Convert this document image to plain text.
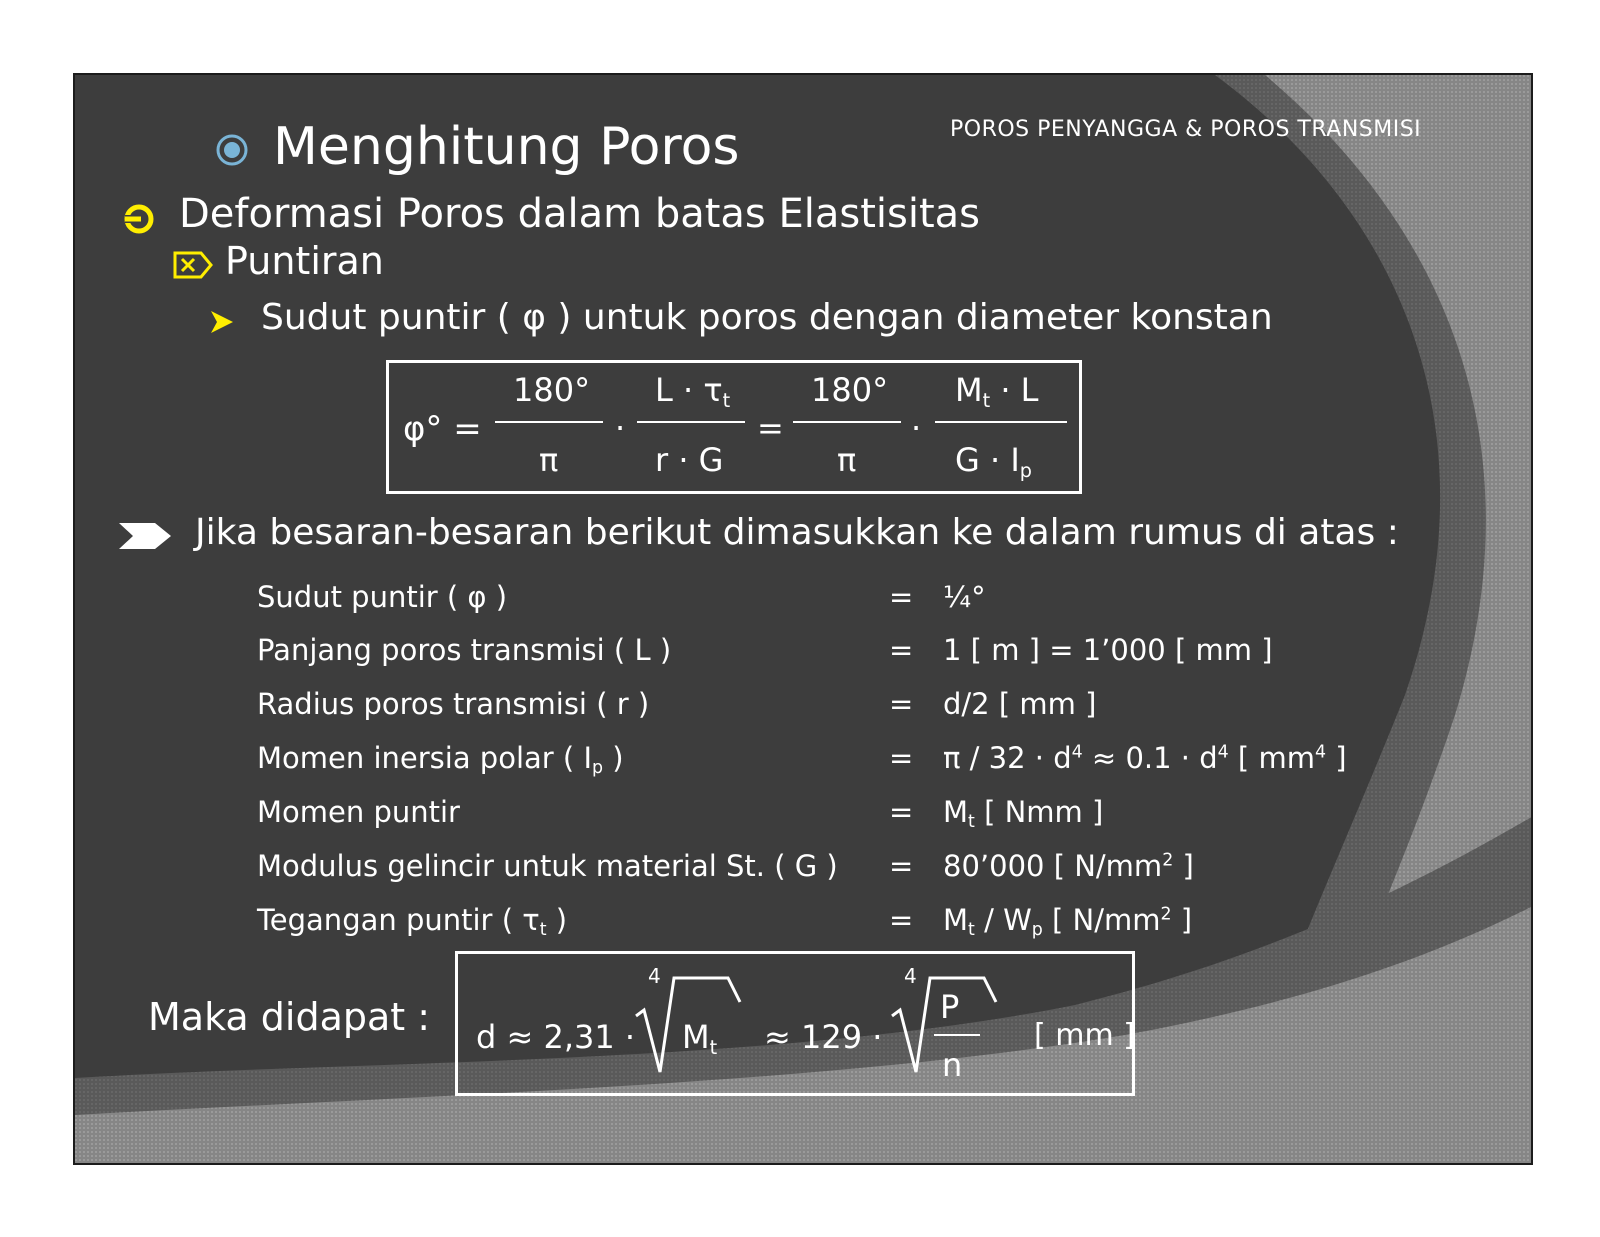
POROS PENYANGGA & POROS TRANSMISI
Menghitung Poros
Deformasi Poros dalam batas Elastisitas
Puntiran
Sudut puntir ( φ ) untuk poros dengan diameter konstan
φ° =
180°
π
·
$L \cdot \tau_t$
r · G
=
180°
π
·
$M_t \cdot L$
$G \cdot I_p$
Jika besaran-besaran berikut dimasukkan ke dalam rumus di atas :
Sudut puntir ( φ )	= ¼°
Panjang poros transmisi ( L )	= 1 [ m ] = 1’000 [ mm ]
Radius poros transmisi ( r )	= d/2 [ mm ]
Momen inersia polar ( $I_p$ )	= $\pi / 32 \cdot d^4 \approx 0.1 \cdot d^4$ [ $mm^4$ ]
Momen puntir	= $M_t$ [ Nmm ]
Modulus gelincir untuk material St. ( G ) = 80’000 [ $N/mm^2$ ]
Tegangan puntir ( $\tau_t$ )	= $M_t / W_p$ [ $N/mm^2$ ]
Maka didapat : d ≈ 2,31 ·
4
$M_t \approx 129$ ·
4
P
n
[ mm ]
